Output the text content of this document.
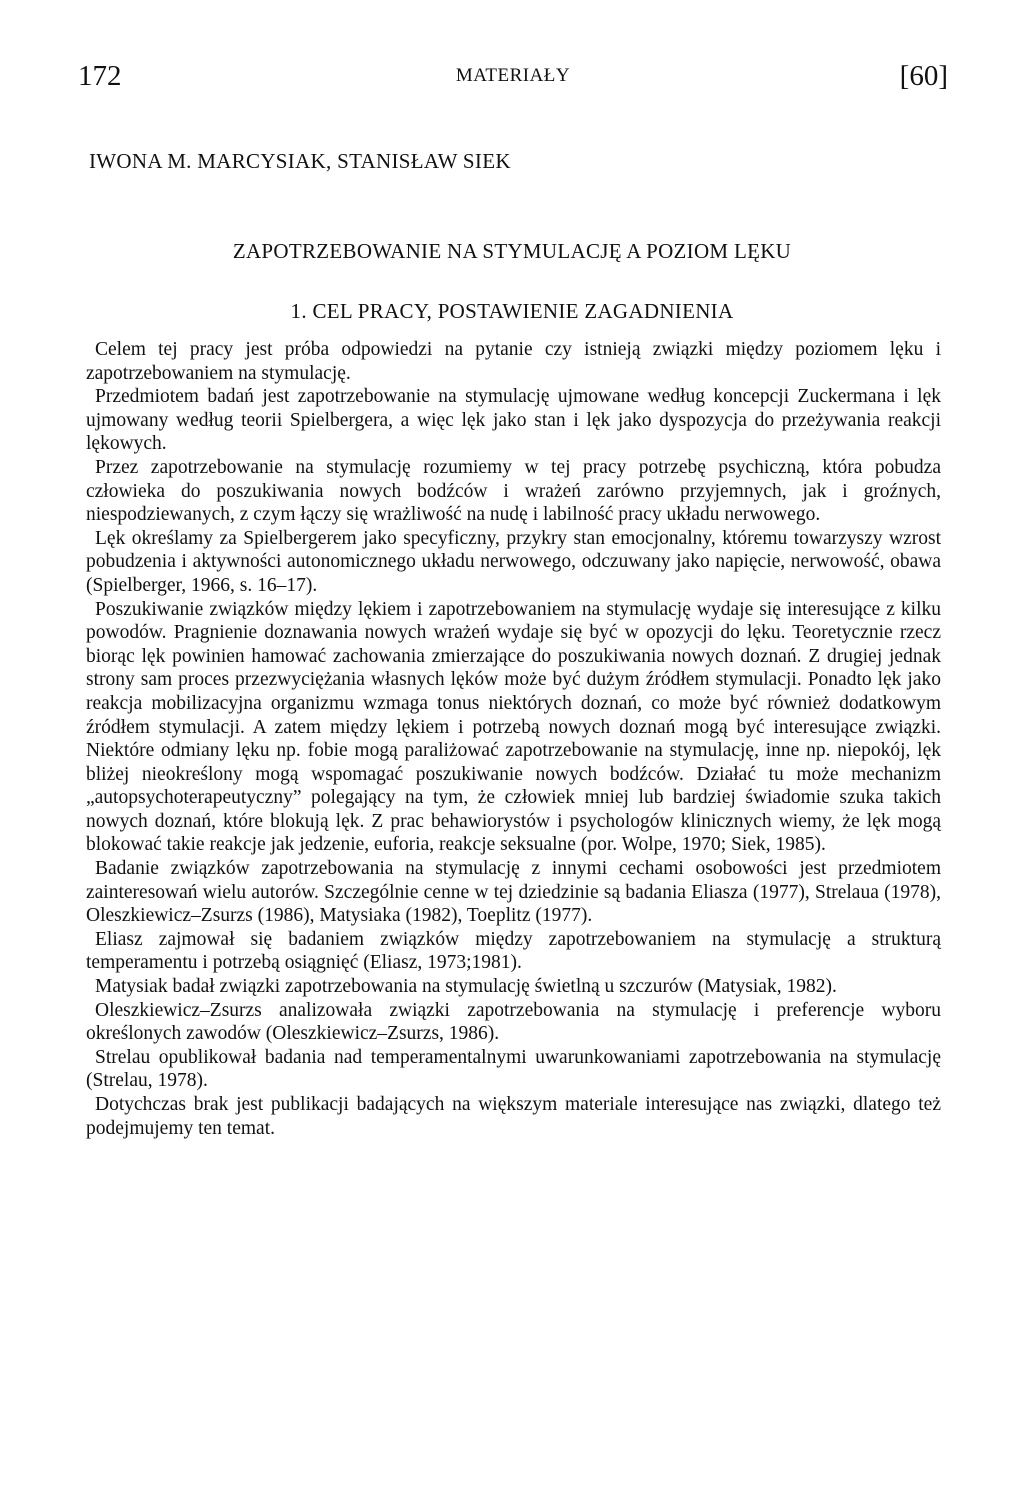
172	MATERIAŁY	[60]
IWONA M. MARCYSIAK, STANISŁAW SIEK
ZAPOTRZEBOWANIE NA STYMULACJĘ A POZIOM LĘKU
1. CEL PRACY, POSTAWIENIE ZAGADNIENIA

Celem tej pracy jest próba odpowiedzi na pytanie czy istnieją związki między poziomem lęku i zapotrzebowaniem na stymulację.

Przedmiotem badań jest zapotrzebowanie na stymulację ujmowane według koncepcji Zuckermana i lęk ujmowany według teorii Spielbergera, a więc lęk jako stan i lęk jako dyspozycja do przeżywania reakcji lękowych.

Przez zapotrzebowanie na stymulację rozumiemy w tej pracy potrzebę psychiczną, która pobudza człowieka do poszukiwania nowych bodźców i wrażeń zarówno przyjemnych, jak i groźnych, niespodziewanych, z czym łączy się wrażliwość na nudę i labilność pracy układu nerwowego.

Lęk określamy za Spielbergerem jako specyficzny, przykry stan emocjonalny, któremu towarzyszy wzrost pobudzenia i aktywności autonomicznego układu nerwowego, odczuwany jako napięcie, nerwowość, obawa (Spielberger, 1966, s. 16–17).

Poszukiwanie związków między lękiem i zapotrzebowaniem na stymulację wydaje się interesujące z kilku powodów. Pragnienie doznawania nowych wrażeń wydaje się być w opozycji do lęku. Teoretycznie rzecz biorąc lęk powinien hamować zachowania zmierzające do poszukiwania nowych doznań. Z drugiej jednak strony sam proces przezwyciężania własnych lęków może być dużym źródłem stymulacji. Ponadto lęk jako reakcja mobilizacyjna organizmu wzmaga tonus niektórych doznań, co może być również dodatkowym źródłem stymulacji. A zatem między lękiem i potrzebą nowych doznań mogą być interesujące związki. Niektóre odmiany lęku np. fobie mogą paraliżować zapotrzebowanie na stymulację, inne np. niepokój, lęk bliżej nieokreślony mogą wspomagać poszukiwanie nowych bodźców. Działać tu może mechanizm „autopsychoterapeutyczny” polegający na tym, że człowiek mniej lub bardziej świadomie szuka takich nowych doznań, które blokują lęk. Z prac behawiorystów i psychologów klinicznych wiemy, że lęk mogą blokować takie reakcje jak jedzenie, euforia, reakcje seksualne (por. Wolpe, 1970; Siek, 1985).

Badanie związków zapotrzebowania na stymulację z innymi cechami osobowości jest przedmiotem zainteresowań wielu autorów. Szczególnie cenne w tej dziedzinie są badania Eliasza (1977), Strelaua (1978), Oleszkiewicz–Zsurzs (1986), Matysiaka (1982), Toeplitz (1977).

Eliasz zajmował się badaniem związków między zapotrzebowaniem na stymulację a strukturą temperamentu i potrzebą osiągnięć (Eliasz, 1973;1981).

Matysiak badał związki zapotrzebowania na stymulację świetlną u szczurów (Matysiak, 1982).

Oleszkiewicz–Zsurzs analizowała związki zapotrzebowania na stymulację i preferencje wyboru określonych zawodów (Oleszkiewicz–Zsurzs, 1986).

Strelau opublikował badania nad temperamentalnymi uwarunkowaniami zapotrzebowania na stymulację (Strelau, 1978).

Dotychczas brak jest publikacji badających na większym materiale interesujące nas związki, dlatego też podejmujemy ten temat.
